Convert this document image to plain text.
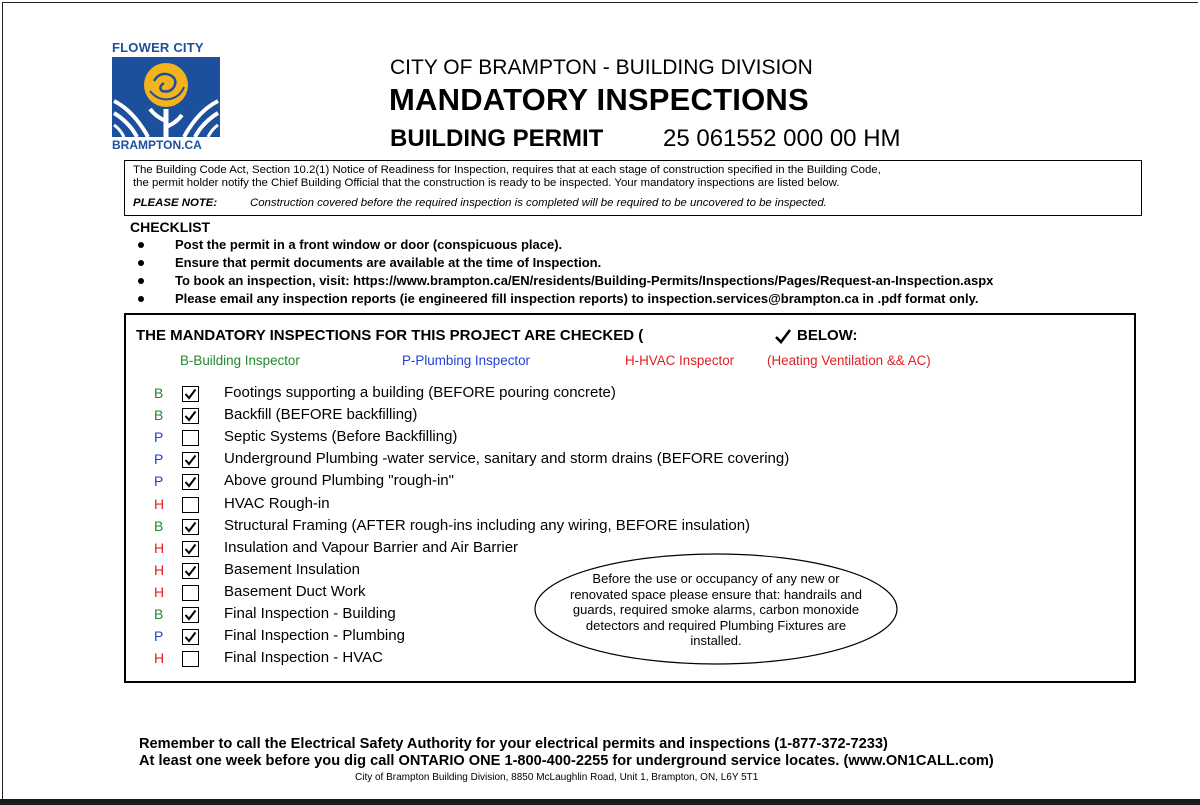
FLOWER CITY
BRAMPTON.CA
CITY OF BRAMPTON - BUILDING DIVISION
MANDATORY INSPECTIONS
BUILDING PERMIT 25 061552 000 00 HM
The Building Code Act, Section 10.2(1) Notice of Readiness for Inspection, requires that at each stage of construction specified in the Building Code,
the permit holder notify the Chief Building Official that the construction is ready to be inspected. Your mandatory inspections are listed below.
PLEASE NOTE:	Construction covered before the required inspection is completed will be required to be uncovered to be inspected.
CHECKLIST
Post the permit in a front window or door (conspicuous place).
Ensure that permit documents are available at the time of Inspection.
To book an inspection, visit: https://www.brampton.ca/EN/residents/Building-Permits/Inspections/Pages/Request-an-Inspection.aspx
Please email any inspection reports (ie engineered fill inspection reports) to inspection.services@brampton.ca in .pdf format only.
THE MANDATORY INSPECTIONS FOR THIS PROJECT ARE CHECKED (	BELOW:
B-Building Inspector	P-Plumbing Inspector	H-HVAC Inspector (Heating Ventilation && AC)
B	Footings supporting a building (BEFORE pouring concrete)
B	Backfill (BEFORE backfilling)
P	Septic Systems (Before Backfilling)
P	Underground Plumbing -water service, sanitary and storm drains (BEFORE covering)
P	Above ground Plumbing "rough-in"
H	HVAC Rough-in
B	Structural Framing (AFTER rough-ins including any wiring, BEFORE insulation)
H	Insulation and Vapour Barrier and Air Barrier
H	Basement Insulation
H	Basement Duct Work
B	Final Inspection - Building
P	Final Inspection - Plumbing
H	Final Inspection - HVAC
Before the use or occupancy of any new or
renovated space please ensure that: handrails and
guards, required smoke alarms, carbon monoxide
detectors and required Plumbing Fixtures are
installed.
Remember to call the Electrical Safety Authority for your electrical permits and inspections (1-877-372-7233)
At least one week before you dig call ONTARIO ONE 1-800-400-2255 for underground service locates. (www.ON1CALL.com)
City of Brampton Building Division, 8850 McLaughlin Road, Unit 1, Brampton, ON, L6Y 5T1
